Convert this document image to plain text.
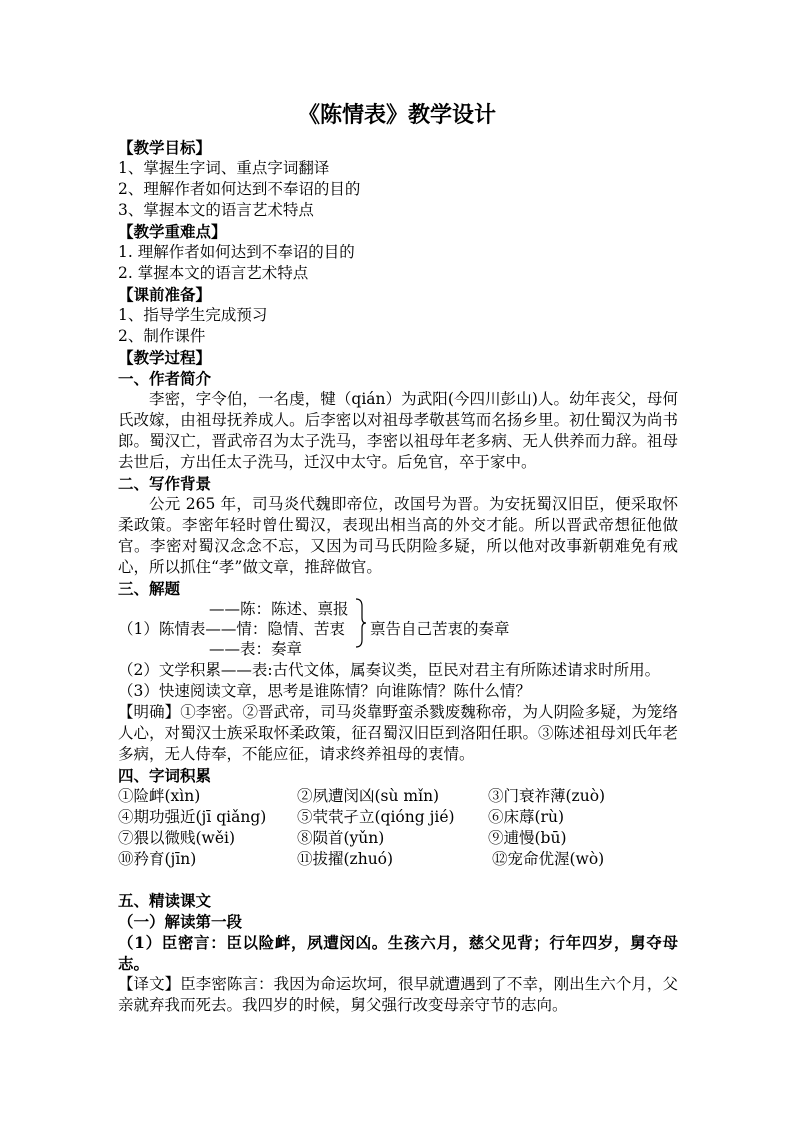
《陈情表》教学设计
【教学目标】
1、掌握生字词、重点字词翻译
2、理解作者如何达到不奉诏的目的
3、掌握本文的语言艺术特点
【教学重难点】
1. 理解作者如何达到不奉诏的目的
2. 掌握本文的语言艺术特点
【课前准备】
1、指导学生完成预习
2、制作课件
【教学过程】
一、作者简介
李密，字令伯，一名虔，犍（qián）为武阳(今四川彭山)人。幼年丧父，母何氏改嫁，由祖母抚养成人。后李密以对祖母孝敬甚笃而名扬乡里。初仕蜀汉为尚书郎。蜀汉亡，晋武帝召为太子洗马，李密以祖母年老多病、无人供养而力辞。祖母去世后，方出任太子洗马，迁汉中太守。后免官，卒于家中。
二、写作背景
公元 265 年，司马炎代魏即帝位，改国号为晋。为安抚蜀汉旧臣，便采取怀柔政策。李密年轻时曾仕蜀汉，表现出相当高的外交才能。所以晋武帝想征他做官。李密对蜀汉念念不忘，又因为司马氏阴险多疑，所以他对改事新朝难免有戒心，所以抓住“孝”做文章，推辞做官。
三、解题
——陈：陈述、禀报
（1）陈情表——情：隐情、苦衷
——表：奏章
禀告自己苦衷的奏章
（2）文学积累——表:古代文体，属奏议类，臣民对君主有所陈述请求时所用。
（3）快速阅读文章，思考是谁陈情？向谁陈情？陈什么情？
【明确】①李密。②晋武帝，司马炎靠野蛮杀戮废魏称帝，为人阴险多疑，为笼络人心，对蜀汉士族采取怀柔政策，征召蜀汉旧臣到洛阳任职。③陈述祖母刘氏年老多病，无人侍奉，不能应征，请求终养祖母的衷情。
四、字词积累
①险衅(xìn)	②夙遭闵凶(sù mǐn)	③门衰祚薄(zuò)
④期功强近(jī qiǎng) ⑤茕茕孑立(qióng jié) ⑥床蓐(rù)
⑦猥以微贱(wěi)	⑧陨首(yǔn)	⑨逋慢(bū)
⑩矜育(jīn)	⑪拔擢(zhuó)	⑫宠命优渥(wò)
五、精读课文
（一）解读第一段
（1）臣密言：臣以险衅，夙遭闵凶。生孩六月，慈父见背；行年四岁，舅夺母志。
【译文】臣李密陈言：我因为命运坎坷，很早就遭遇到了不幸，刚出生六个月，父亲就弃我而死去。我四岁的时候，舅父强行改变母亲守节的志向。
